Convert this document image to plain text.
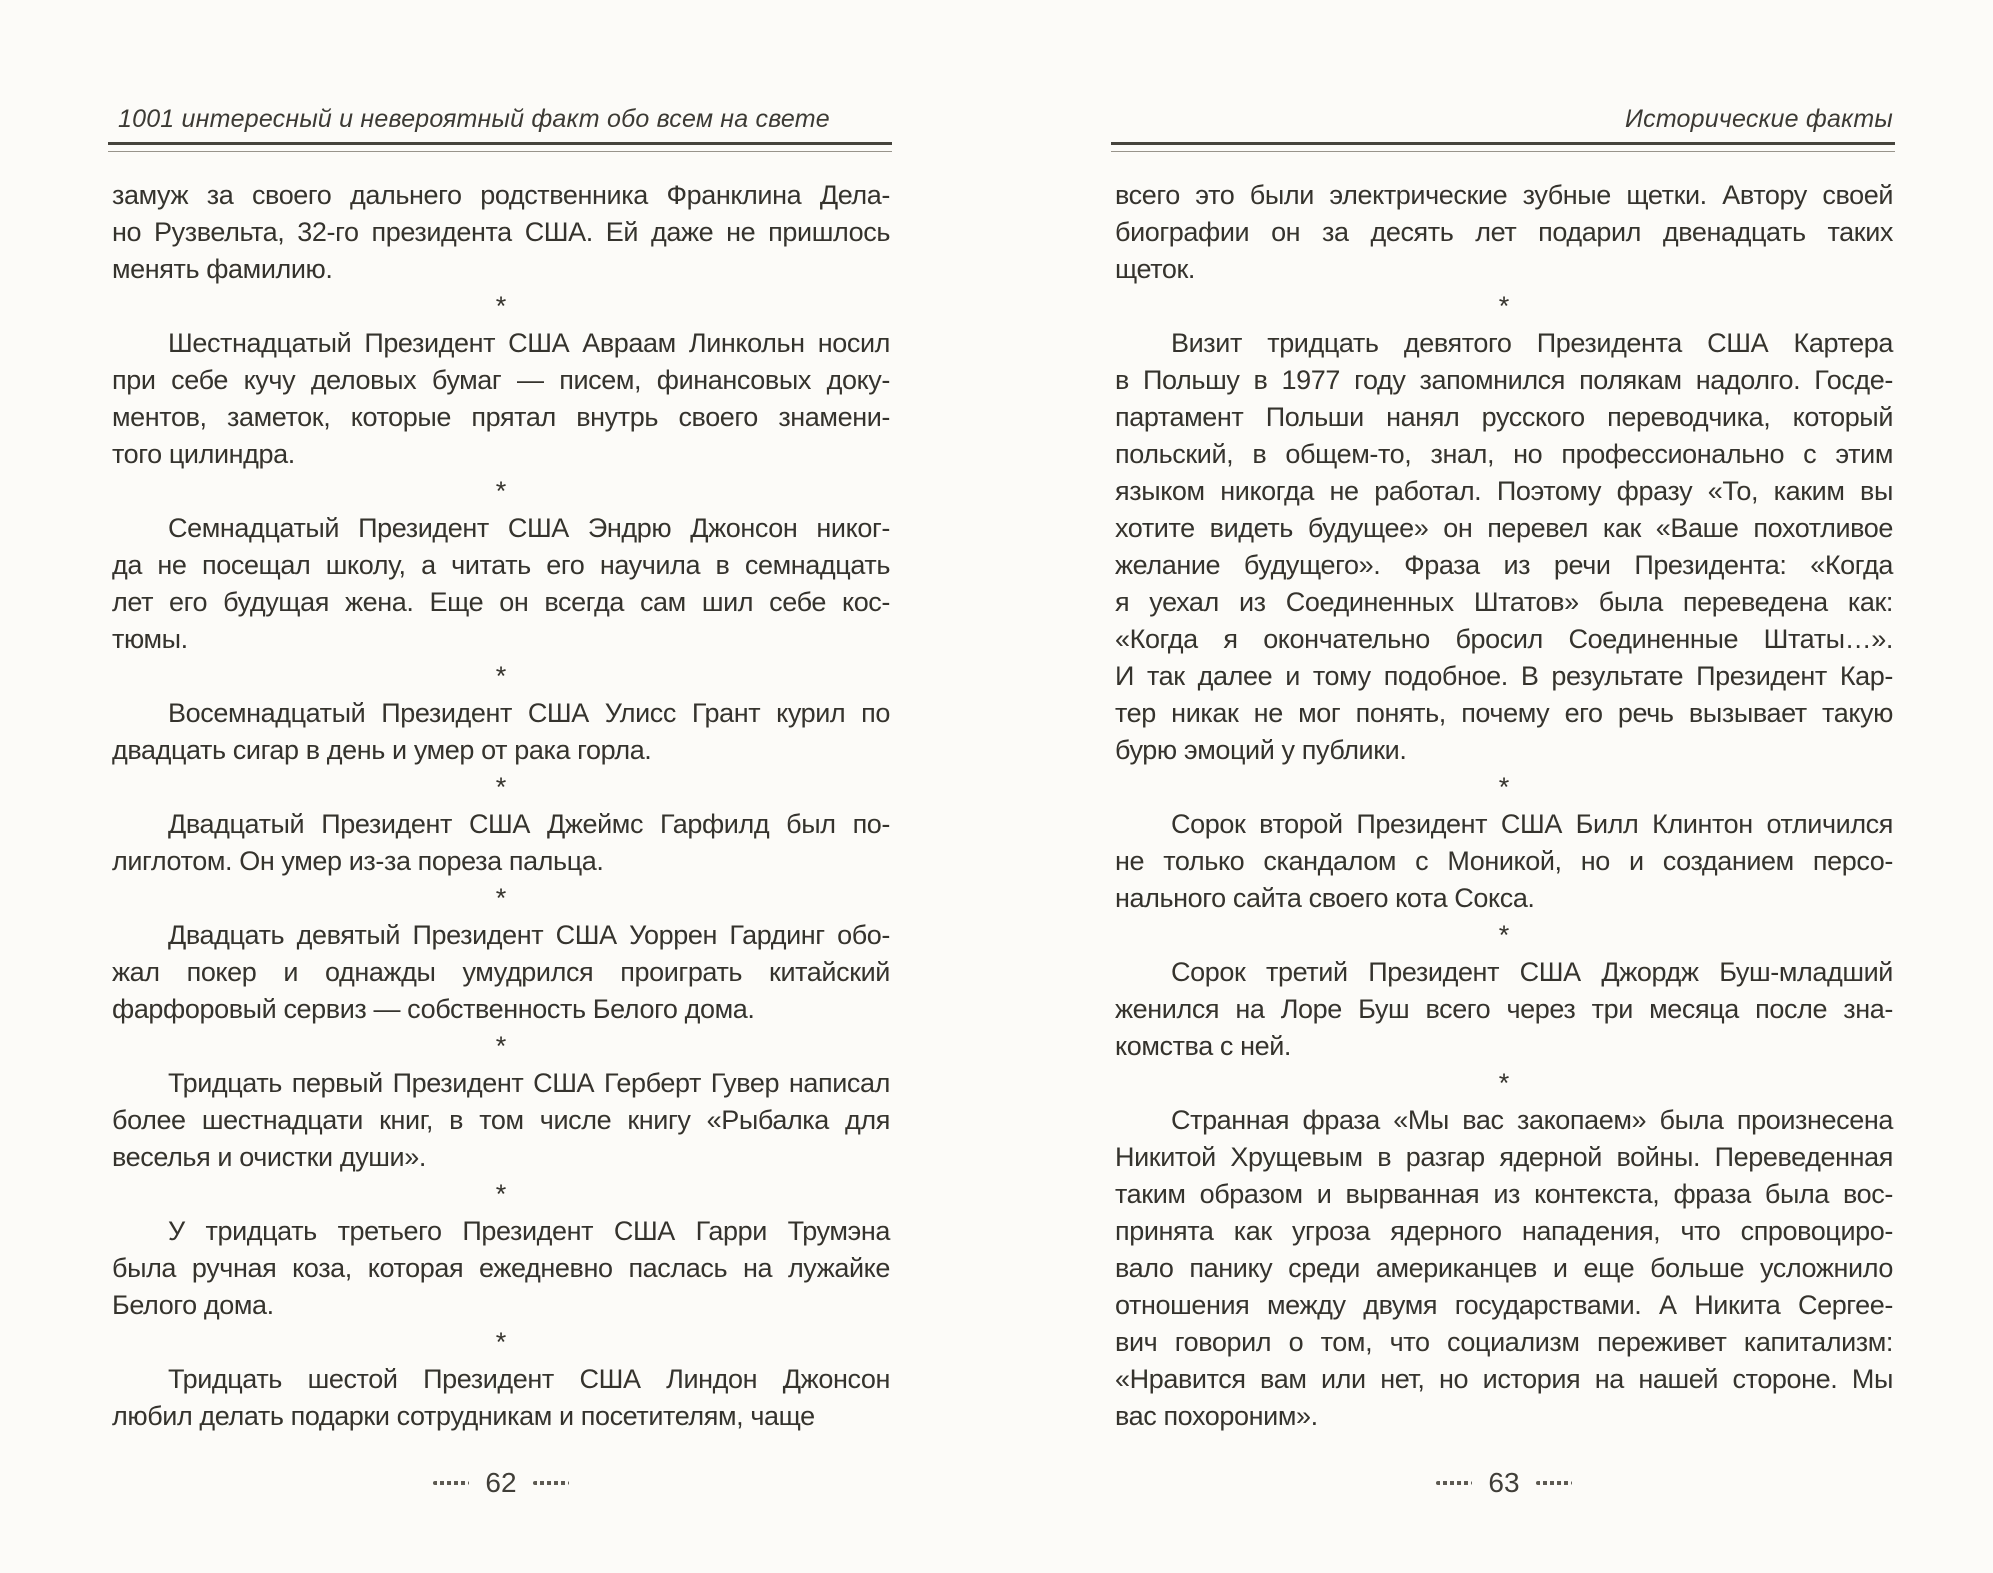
1001 интересный и невероятный факт обо всем на свете
замуж за своего дальнего родственника Франклина Дела-
но Рузвельта, 32-го президента США. Ей даже не пришлось
менять фамилию.
*
Шестнадцатый Президент США Авраам Линкольн носил
при себе кучу деловых бумаг — писем, финансовых доку-
ментов, заметок, которые прятал внутрь своего знамени-
того цилиндра.
*
Семнадцатый Президент США Эндрю Джонсон никог-
да не посещал школу, а читать его научила в семнадцать
лет его будущая жена. Еще он всегда сам шил себе кос-
тюмы.
*
Восемнадцатый Президент США Улисс Грант курил по
двадцать сигар в день и умер от рака горла.
*
Двадцатый Президент США Джеймс Гарфилд был по-
лиглотом. Он умер из-за пореза пальца.
*
Двадцать девятый Президент США Уоррен Гардинг обо-
жал покер и однажды умудрился проиграть китайский
фарфоровый сервиз — собственность Белого дома.
*
Тридцать первый Президент США Герберт Гувер написал
более шестнадцати книг, в том числе книгу «Рыбалка для
веселья и очистки души».
*
У тридцать третьего Президент США Гарри Трумэна
была ручная коза, которая ежедневно паслась на лужайке
Белого дома.
*
Тридцать шестой Президент США Линдон Джонсон
любил делать подарки сотрудникам и посетителям, чаще
62
Исторические факты
всего это были электрические зубные щетки. Автору своей
биографии он за десять лет подарил двенадцать таких
щеток.
*
Визит тридцать девятого Президента США Картера
в Польшу в 1977 году запомнился полякам надолго. Госде-
партамент Польши нанял русского переводчика, который
польский, в общем-то, знал, но профессионально с этим
языком никогда не работал. Поэтому фразу «То, каким вы
хотите видеть будущее» он перевел как «Ваше похотливое
желание будущего». Фраза из речи Президента: «Когда
я уехал из Соединенных Штатов» была переведена как:
«Когда я окончательно бросил Соединенные Штаты…».
И так далее и тому подобное. В результате Президент Кар-
тер никак не мог понять, почему его речь вызывает такую
бурю эмоций у публики.
*
Сорок второй Президент США Билл Клинтон отличился
не только скандалом с Моникой, но и созданием персо-
нального сайта своего кота Сокса.
*
Сорок третий Президент США Джордж Буш-младший
женился на Лоре Буш всего через три месяца после зна-
комства с ней.
*
Странная фраза «Мы вас закопаем» была произнесена
Никитой Хрущевым в разгар ядерной войны. Переведенная
таким образом и вырванная из контекста, фраза была вос-
принята как угроза ядерного нападения, что спровоциро-
вало панику среди американцев и еще больше усложнило
отношения между двумя государствами. А Никита Сергее-
вич говорил о том, что социализм переживет капитализм:
«Нравится вам или нет, но история на нашей стороне. Мы
вас похороним».
63
